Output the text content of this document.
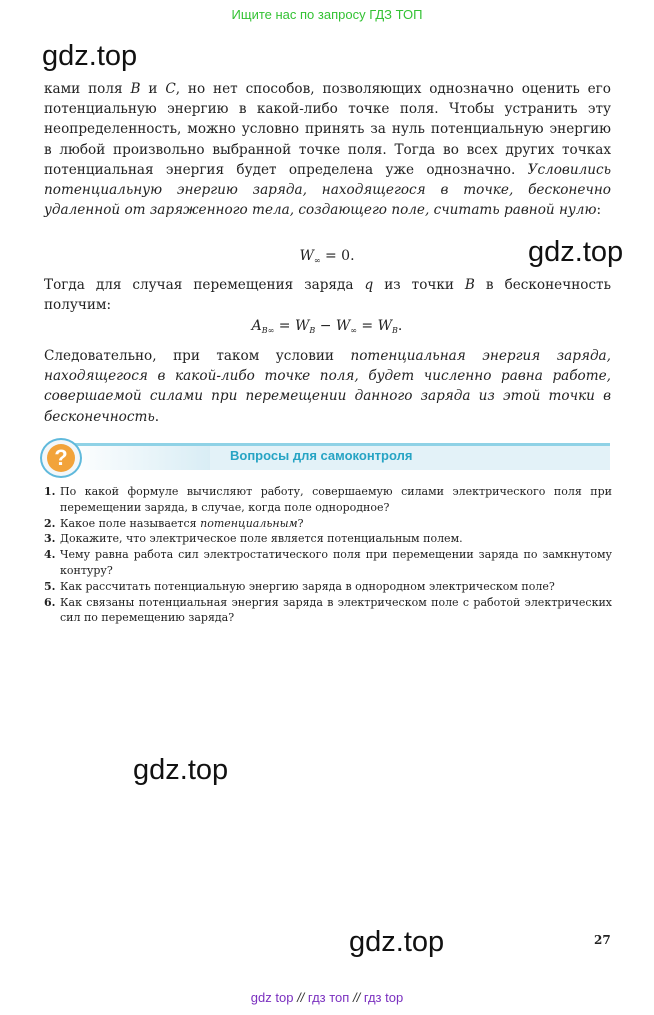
Ищите нас по запросу ГДЗ ТОП
gdz.top
gdz.top
gdz.top
gdz.top
ками поля B и C, но нет способов, позволяющих однозначно оценить его потенциальную энергию в какой-либо точке поля. Чтобы устранить эту неопределенность, можно условно принять за нуль потенциальную энергию в любой произвольно выбранной точке поля. Тогда во всех других точках потенциальная энергия будет определена уже однозначно. Условились потенциальную энергию заряда, находящегося в точке, бесконечно удаленной от заряженного тела, создающего поле, считать равной нулю:
$W_\infty = 0$.
Тогда для случая перемещения заряда q из точки B в бесконечность получим:
$A_{B\infty} = W_B - W_\infty = W_B$.
Следовательно, при таком условии потенциальная энергия заряда, находящегося в какой-либо точке поля, будет численно равна работе, совершаемой силами при перемещении данного заряда из этой точки в бесконечность.
?	Вопросы для самоконтроля
1. По какой формуле вычисляют работу, совершаемую силами электрического поля при перемещении заряда, в случае, когда поле однородное?
2. Какое поле называется потенциальным?
3. Докажите, что электрическое поле является потенциальным полем.
4. Чему равна работа сил электростатического поля при перемещении заряда по замкнутому контуру?
5. Как рассчитать потенциальную энергию заряда в однородном электрическом поле?
6. Как связаны потенциальная энергия заряда в электрическом поле с работой электрических сил по перемещению заряда?
27
gdz top // гдз топ // гдз top
